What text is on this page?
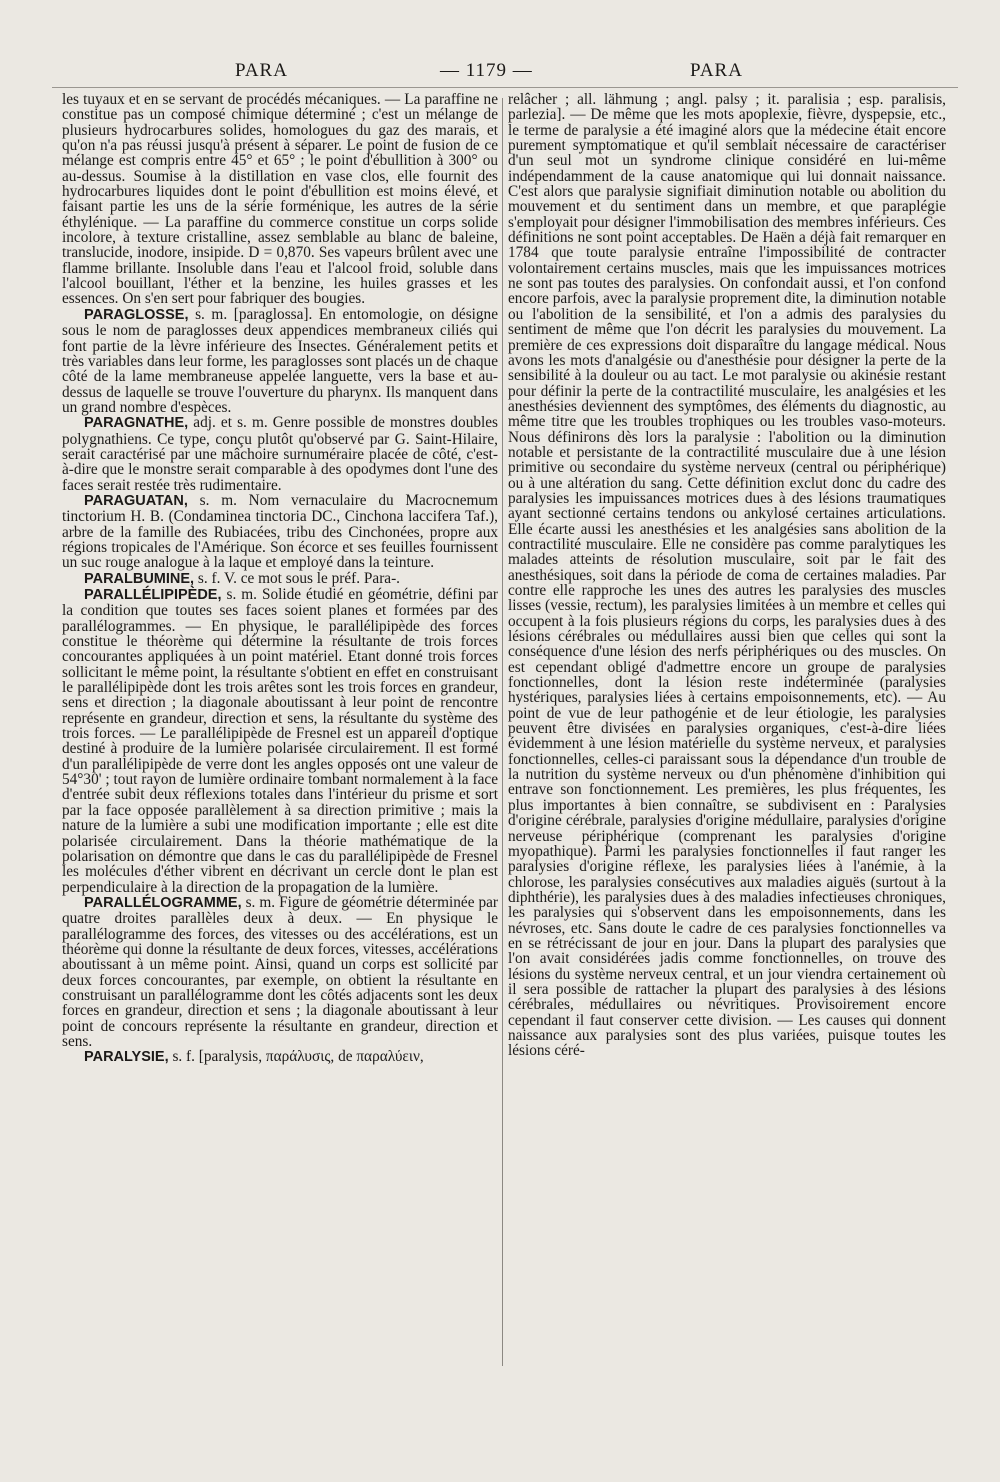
PARA	— 1179 —	PARA

les tuyaux et en se servant de procédés mécaniques. — La paraffine ne constitue pas un composé chimique déterminé ; c'est un mélange de plusieurs hydrocarbures solides, homologues du gaz des marais, et qu'on n'a pas réussi jusqu'à présent à séparer. Le point de fusion de ce mélange est compris entre 45° et 65° ; le point d'ébullition à 300° ou au-dessus. Soumise à la distillation en vase clos, elle fournit des hydrocarbures liquides dont le point d'ébullition est moins élevé, et faisant partie les uns de la série forménique, les autres de la série éthylénique. — La paraffine du commerce constitue un corps solide incolore, à texture cristalline, assez semblable au blanc de baleine, translucide, inodore, insipide. D = 0,870. Ses vapeurs brûlent avec une flamme brillante. Insoluble dans l'eau et l'alcool froid, soluble dans l'alcool bouillant, l'éther et la benzine, les huiles grasses et les essences. On s'en sert pour fabriquer des bougies.

PARAGLOSSE, s. m. [paraglossa]. En entomologie, on désigne sous le nom de paraglosses deux appendices membraneux ciliés qui font partie de la lèvre inférieure des Insectes. Généralement petits et très variables dans leur forme, les paraglosses sont placés un de chaque côté de la lame membraneuse appelée languette, vers la base et au-dessus de laquelle se trouve l'ouverture du pharynx. Ils manquent dans un grand nombre d'espèces.

PARAGNATHE, adj. et s. m. Genre possible de monstres doubles polygnathiens. Ce type, conçu plutôt qu'observé par G. Saint-Hilaire, serait caractérisé par une mâchoire surnuméraire placée de côté, c'est-à-dire que le monstre serait comparable à des opodymes dont l'une des faces serait restée très rudimentaire.

PARAGUATAN, s. m. Nom vernaculaire du Macrocnemum tinctorium H. B. (Condaminea tinctoria DC., Cinchona laccifera Taf.), arbre de la famille des Rubiacées, tribu des Cinchonées, propre aux régions tropicales de l'Amérique. Son écorce et ses feuilles fournissent un suc rouge analogue à la laque et employé dans la teinture.

PARALBUMINE, s. f. V. ce mot sous le préf. Para-.

PARALLÉLIPIPÈDE, s. m. Solide étudié en géométrie, défini par la condition que toutes ses faces soient planes et formées par des parallélogrammes. — En physique, le parallélipipède des forces constitue le théorème qui détermine la résultante de trois forces concourantes appliquées à un point matériel. Etant donné trois forces sollicitant le même point, la résultante s'obtient en effet en construisant le parallélipipède dont les trois arêtes sont les trois forces en grandeur, sens et direction ; la diagonale aboutissant à leur point de rencontre représente en grandeur, direction et sens, la résultante du système des trois forces. — Le parallélipipède de Fresnel est un appareil d'optique destiné à produire de la lumière polarisée circulairement. Il est formé d'un parallélipipède de verre dont les angles opposés ont une valeur de 54°30' ; tout rayon de lumière ordinaire tombant normalement à la face d'entrée subit deux réflexions totales dans l'intérieur du prisme et sort par la face opposée parallèlement à sa direction primitive ; mais la nature de la lumière a subi une modification importante ; elle est dite polarisée circulairement. Dans la théorie mathématique de la polarisation on démontre que dans le cas du parallélipipède de Fresnel les molécules d'éther vibrent en décrivant un cercle dont le plan est perpendiculaire à la direction de la propagation de la lumière.

PARALLÉLOGRAMME, s. m. Figure de géométrie déterminée par quatre droites parallèles deux à deux. — En physique le parallélogramme des forces, des vitesses ou des accélérations, est un théorème qui donne la résultante de deux forces, vitesses, accélérations aboutissant à un même point. Ainsi, quand un corps est sollicité par deux forces concourantes, par exemple, on obtient la résultante en construisant un parallélogramme dont les côtés adjacents sont les deux forces en grandeur, direction et sens ; la diagonale aboutissant à leur point de concours représente la résultante en grandeur, direction et sens.

PARALYSIE, s. f. [paralysis, παράλυσις, de παραλύειν,

relâcher ; all. lähmung ; angl. palsy ; it. paralisia ; esp. paralisis, parlezia]. — De même que les mots apoplexie, fièvre, dyspepsie, etc., le terme de paralysie a été imaginé alors que la médecine était encore purement symptomatique et qu'il semblait nécessaire de caractériser d'un seul mot un syndrome clinique considéré en lui-même indépendamment de la cause anatomique qui lui donnait naissance. C'est alors que paralysie signifiait diminution notable ou abolition du mouvement et du sentiment dans un membre, et que paraplégie s'employait pour désigner l'immobilisation des membres inférieurs. Ces définitions ne sont point acceptables. De Haën a déjà fait remarquer en 1784 que toute paralysie entraîne l'impossibilité de contracter volontairement certains muscles, mais que les impuissances motrices ne sont pas toutes des paralysies. On confondait aussi, et l'on confond encore parfois, avec la paralysie proprement dite, la diminution notable ou l'abolition de la sensibilité, et l'on a admis des paralysies du sentiment de même que l'on décrit les paralysies du mouvement. La première de ces expressions doit disparaître du langage médical. Nous avons les mots d'analgésie ou d'anesthésie pour désigner la perte de la sensibilité à la douleur ou au tact. Le mot paralysie ou akinésie restant pour définir la perte de la contractilité musculaire, les analgésies et les anesthésies deviennent des symptômes, des éléments du diagnostic, au même titre que les troubles trophiques ou les troubles vaso-moteurs. Nous définirons dès lors la paralysie : l'abolition ou la diminution notable et persistante de la contractilité musculaire due à une lésion primitive ou secondaire du système nerveux (central ou périphérique) ou à une altération du sang. Cette définition exclut donc du cadre des paralysies les impuissances motrices dues à des lésions traumatiques ayant sectionné certains tendons ou ankylosé certaines articulations. Elle écarte aussi les anesthésies et les analgésies sans abolition de la contractilité musculaire. Elle ne considère pas comme paralytiques les malades atteints de résolution musculaire, soit par le fait des anesthésiques, soit dans la période de coma de certaines maladies. Par contre elle rapproche les unes des autres les paralysies des muscles lisses (vessie, rectum), les paralysies limitées à un membre et celles qui occupent à la fois plusieurs régions du corps, les paralysies dues à des lésions cérébrales ou médullaires aussi bien que celles qui sont la conséquence d'une lésion des nerfs périphériques ou des muscles. On est cependant obligé d'admettre encore un groupe de paralysies fonctionnelles, dont la lésion reste indéterminée (paralysies hystériques, paralysies liées à certains empoisonnements, etc). — Au point de vue de leur pathogénie et de leur étiologie, les paralysies peuvent être divisées en paralysies organiques, c'est-à-dire liées évidemment à une lésion matérielle du système nerveux, et paralysies fonctionnelles, celles-ci paraissant sous la dépendance d'un trouble de la nutrition du système nerveux ou d'un phénomène d'inhibition qui entrave son fonctionnement. Les premières, les plus fréquentes, les plus importantes à bien connaître, se subdivisent en : Paralysies d'origine cérébrale, paralysies d'origine médullaire, paralysies d'origine nerveuse périphérique (comprenant les paralysies d'origine myopathique). Parmi les paralysies fonctionnelles il faut ranger les paralysies d'origine réflexe, les paralysies liées à l'anémie, à la chlorose, les paralysies consécutives aux maladies aiguës (surtout à la diphthérie), les paralysies dues à des maladies infectieuses chroniques, les paralysies qui s'observent dans les empoisonnements, dans les névroses, etc. Sans doute le cadre de ces paralysies fonctionnelles va en se rétrécissant de jour en jour. Dans la plupart des paralysies que l'on avait considérées jadis comme fonctionnelles, on trouve des lésions du système nerveux central, et un jour viendra certainement où il sera possible de rattacher la plupart des paralysies à des lésions cérébrales, médullaires ou névritiques. Provisoirement encore cependant il faut conserver cette division. — Les causes qui donnent naissance aux paralysies sont des plus variées, puisque toutes les lésions céré-
